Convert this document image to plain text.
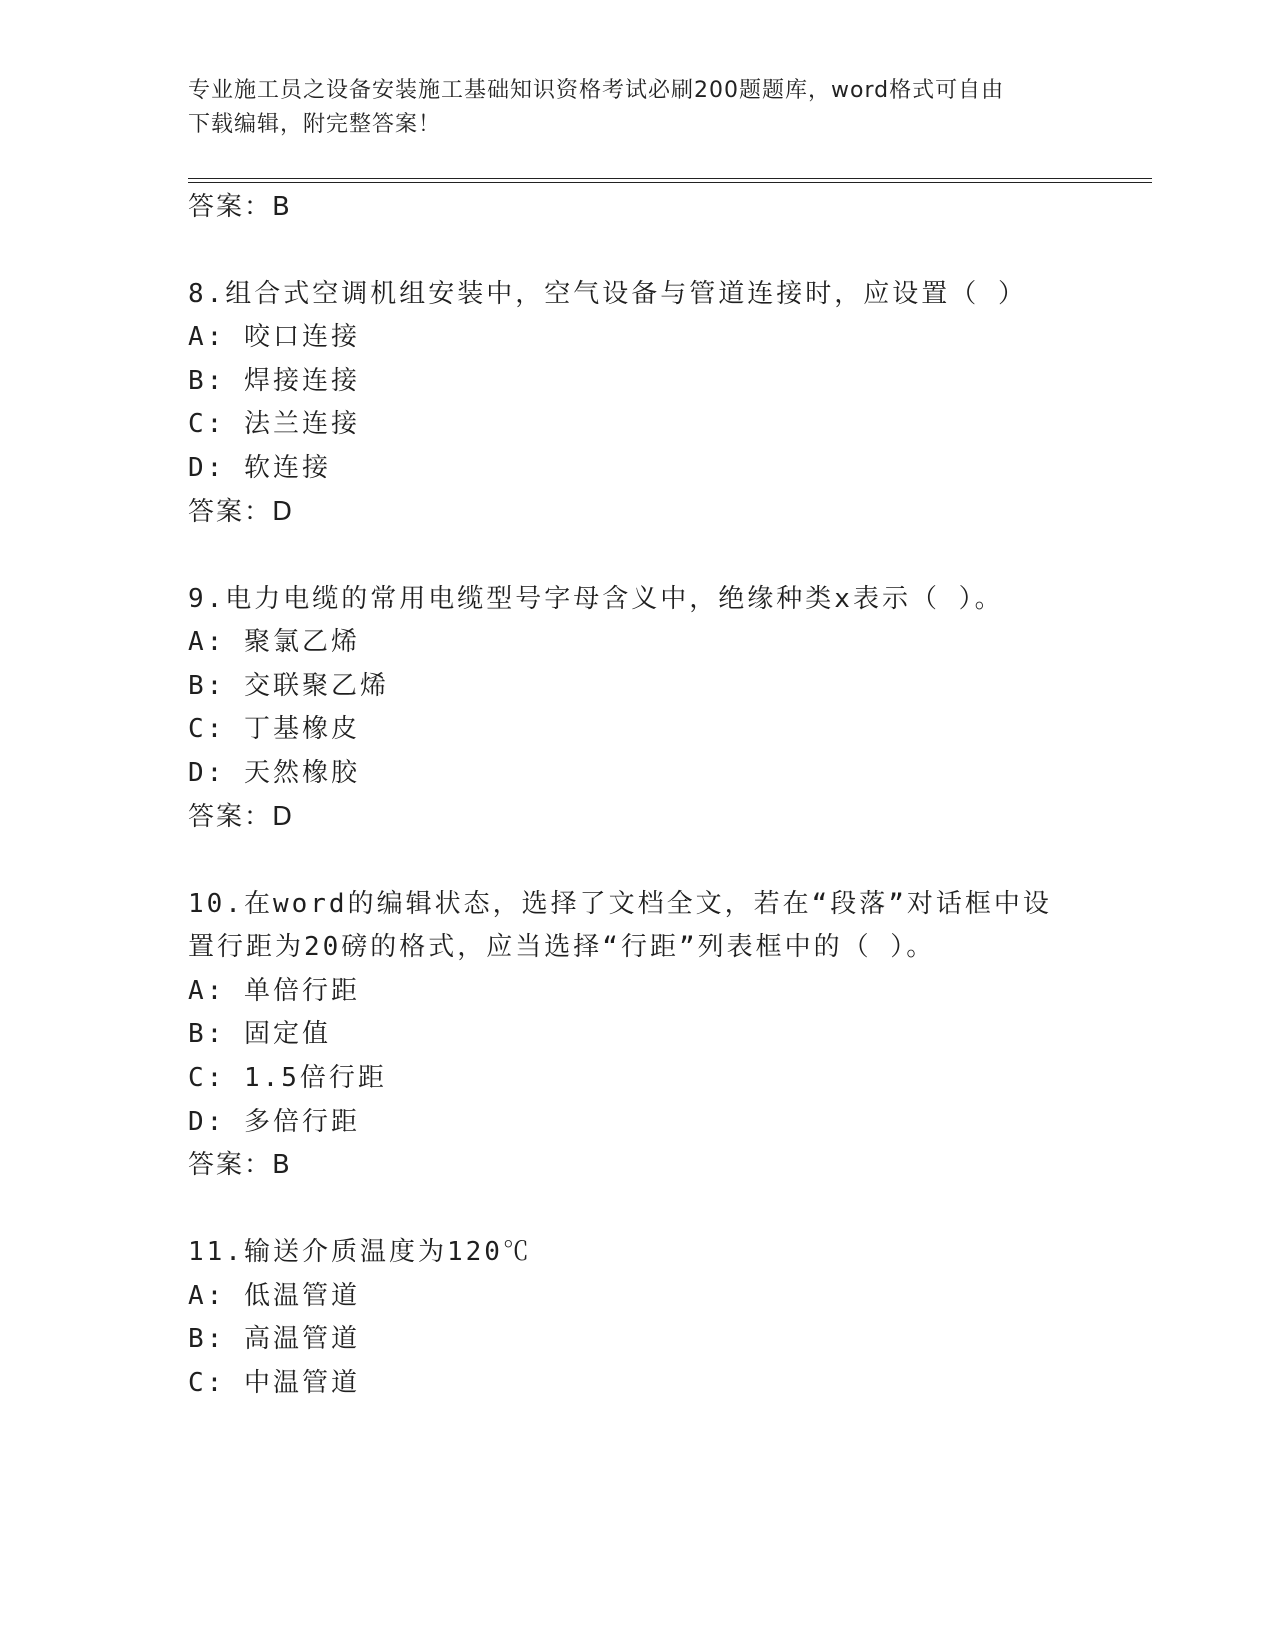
专业施工员之设备安装施工基础知识资格考试必刷200题题库，word格式可自由
下载编辑，附完整答案！
答案：B
8.组合式空调机组安装中，空气设备与管道连接时，应设置（ ）
A: 咬口连接
B: 焊接连接
C: 法兰连接
D: 软连接
答案：D
9.电力电缆的常用电缆型号字母含义中，绝缘种类x表示（ ）。
A: 聚氯乙烯
B: 交联聚乙烯
C: 丁基橡皮
D: 天然橡胶
答案：D
10.在word的编辑状态，选择了文档全文，若在“段落”对话框中设
置行距为20磅的格式，应当选择“行距”列表框中的（ ）。
A: 单倍行距
B: 固定值
C: 1.5倍行距
D: 多倍行距
答案：B
11.输送介质温度为120℃
A: 低温管道
B: 高温管道
C: 中温管道
